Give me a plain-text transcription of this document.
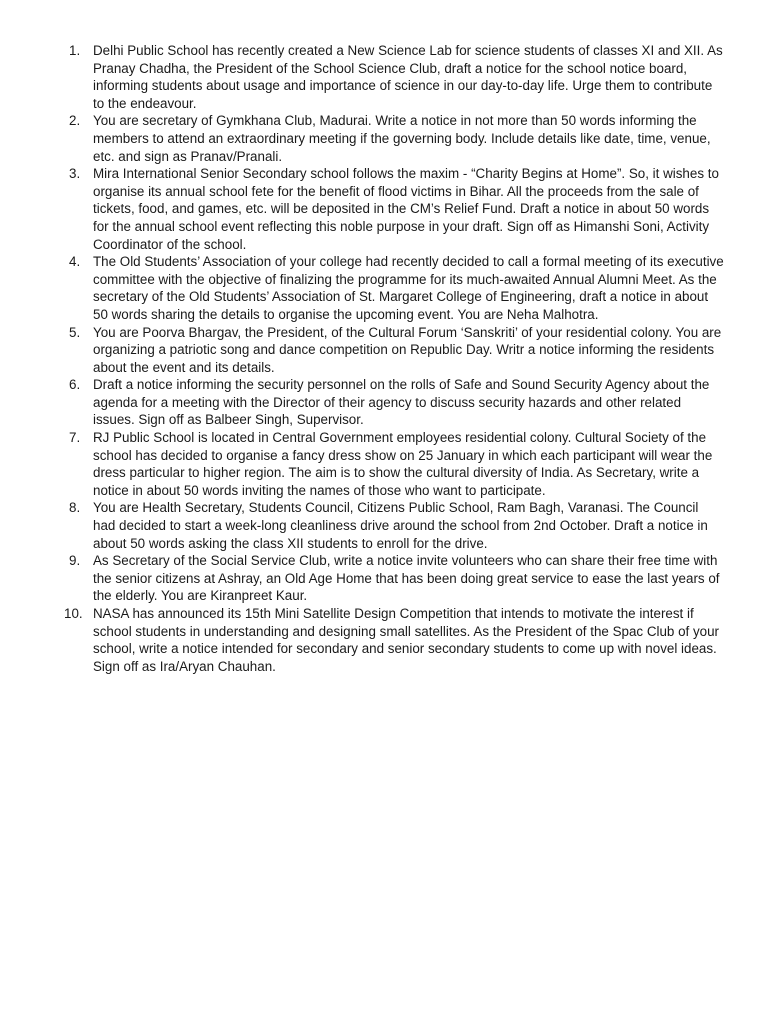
1. Delhi Public School has recently created a New Science Lab for science students of classes XI and XII. As Pranay Chadha, the President of the School Science Club, draft a notice for the school notice board, informing students about usage and importance of science in our day-to-day life. Urge them to contribute to the endeavour.
2. You are secretary of Gymkhana Club, Madurai. Write a notice in not more than 50 words informing the members to attend an extraordinary meeting if the governing body. Include details like date, time, venue, etc. and sign as Pranav/Pranali.
3. Mira International Senior Secondary school follows the maxim - “Charity Begins at Home”. So, it wishes to organise its annual school fete for the benefit of flood victims in Bihar. All the proceeds from the sale of tickets, food, and games, etc. will be deposited in the CM’s Relief Fund. Draft a notice in about 50 words for the annual school event reflecting this noble purpose in your draft. Sign off as Himanshi Soni, Activity Coordinator of the school.
4. The Old Students’ Association of your college had recently decided to call a formal meeting of its executive committee with the objective of finalizing the programme for its much-awaited Annual Alumni Meet. As the secretary of the Old Students’ Association of St. Margaret College of Engineering, draft a notice in about 50 words sharing the details to organise the upcoming event. You are Neha Malhotra.
5. You are Poorva Bhargav, the President, of the Cultural Forum ‘Sanskriti’ of your residential colony. You are organizing a patriotic song and dance competition on Republic Day. Writr a notice informing the residents about the event and its details.
6. Draft a notice informing the security personnel on the rolls of Safe and Sound Security Agency about the agenda for a meeting with the Director of their agency to discuss security hazards and other related issues. Sign off as Balbeer Singh, Supervisor.
7. RJ Public School is located in Central Government employees residential colony. Cultural Society of the school has decided to organise a fancy dress show on 25 January in which each participant will wear the dress particular to higher region. The aim is to show the cultural diversity of India. As Secretary, write a notice in about 50 words inviting the names of those who want to participate.
8. You are Health Secretary, Students Council, Citizens Public School, Ram Bagh, Varanasi. The Council had decided to start a week-long cleanliness drive around the school from 2nd October. Draft a notice in about 50 words asking the class XII students to enroll for the drive.
9. As Secretary of the Social Service Club, write a notice invite volunteers who can share their free time with the senior citizens at Ashray, an Old Age Home that has been doing great service to ease the last years of the elderly. You are Kiranpreet Kaur.
10. NASA has announced its 15th Mini Satellite Design Competition that intends to motivate the interest if school students in understanding and designing small satellites. As the President of the Spac Club of your school, write a notice intended for secondary and senior secondary students to come up with novel ideas. Sign off as Ira/Aryan Chauhan.
